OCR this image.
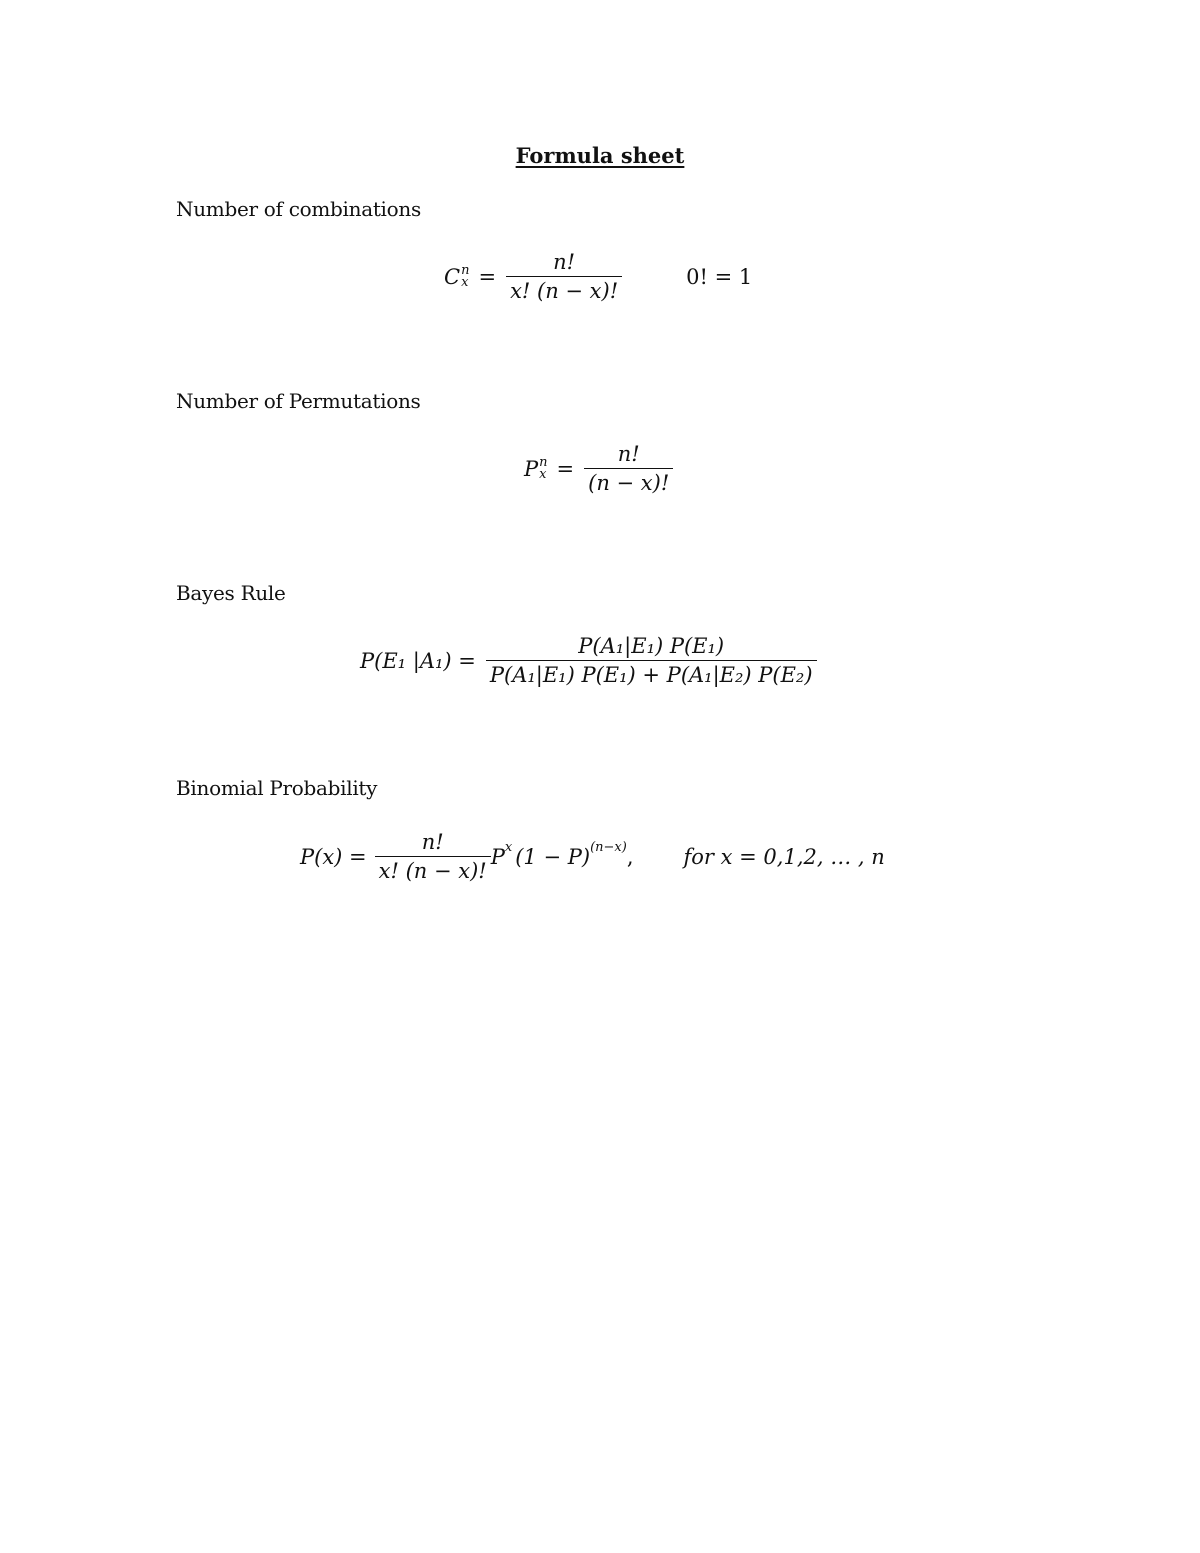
Formula sheet
Number of combinations
C n
$x = \frac{n!}{x! (n - x)!}$	0! = 1
Number of Permutations
P n
$x = \frac{n!}{(n - x)!}$
Bayes Rule
P(E₁ $|A_1) = \frac{\text{P(A₁|E₁) P(E₁)}}{\text{P(A₁|E₁) P(E₁) + P(A₁|E₂) P(E₂)}}$
Binomial Probability
$P(x) = \frac{n!}{x! (n - x)!}$ P x (1 − P) (n−x) , for x = 0,1,2, … , n
